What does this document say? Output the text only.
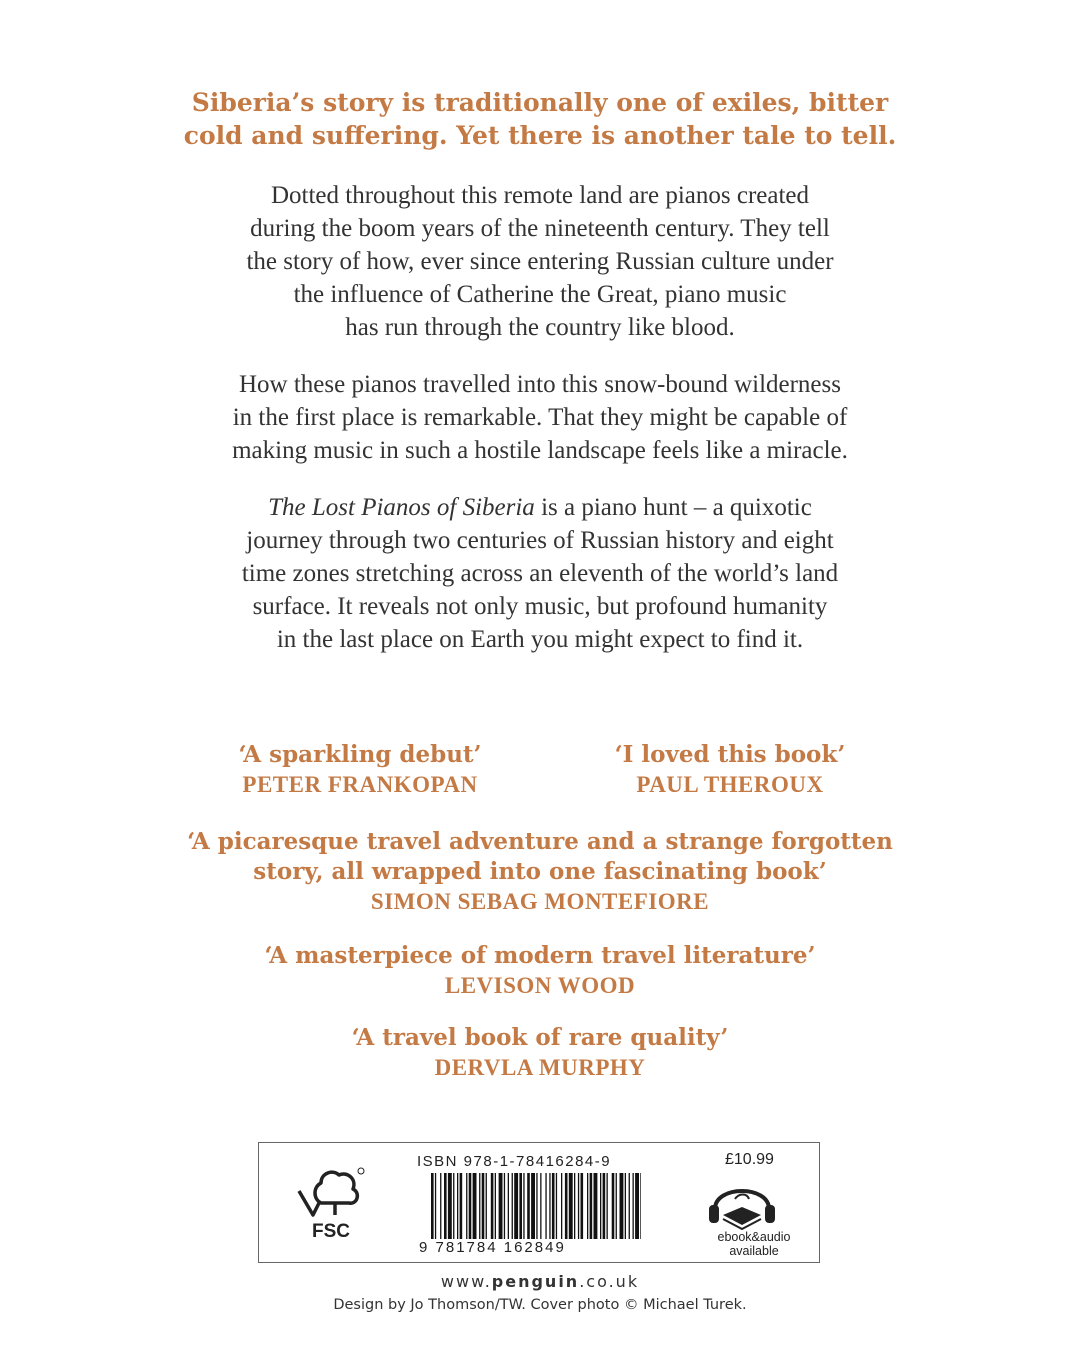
Siberia’s story is traditionally one of exiles, bitter
cold and suffering. Yet there is another tale to tell.
Dotted throughout this remote land are pianos created
during the boom years of the nineteenth century. They tell
the story of how, ever since entering Russian culture under
the influence of Catherine the Great, piano music
has run through the country like blood.
How these pianos travelled into this snow-bound wilderness
in the first place is remarkable. That they might be capable of
making music in such a hostile landscape feels like a miracle.
The Lost Pianos of Siberia is a piano hunt – a quixotic
journey through two centuries of Russian history and eight
time zones stretching across an eleventh of the world’s land
surface. It reveals not only music, but profound humanity
in the last place on Earth you might expect to find it.
‘A sparkling debut’
PETER FRANKOPAN
‘I loved this book’
PAUL THEROUX
‘A picaresque travel adventure and a strange forgotten
story, all wrapped into one fascinating book’
SIMON SEBAG MONTEFIORE
‘A masterpiece of modern travel literature’
LEVISON WOOD
‘A travel book of rare quality’
DERVLA MURPHY
FSC
ISBN 978-1-78416284-9
9 781784 162849
£10.99
ebook&audio
available
www.penguin.co.uk
Design by Jo Thomson/TW. Cover photo © Michael Turek.
